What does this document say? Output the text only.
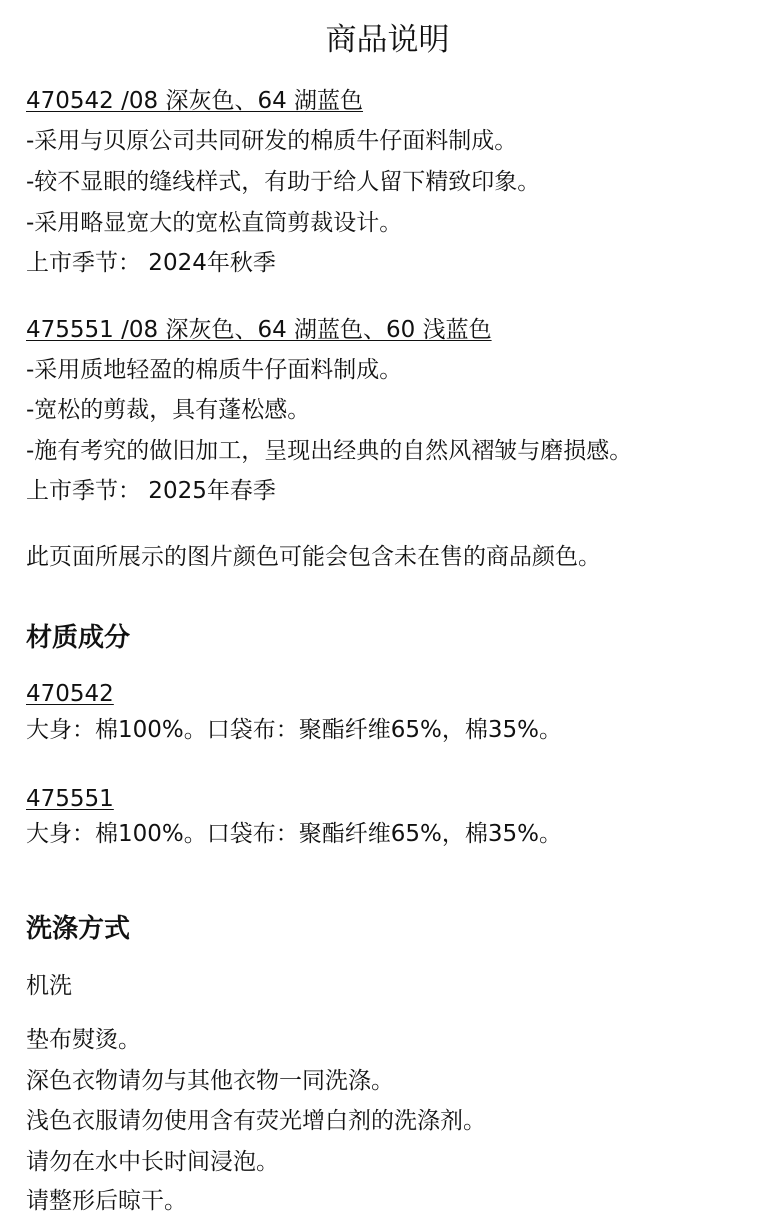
商品说明
470542 /08 深灰色、64 湖蓝色
-采用与贝原公司共同研发的棉质牛仔面料制成。
-较不显眼的缝线样式，有助于给人留下精致印象。
-采用略显宽大的宽松直筒剪裁设计。
上市季节： 2024年秋季
475551 /08 深灰色、64 湖蓝色、60 浅蓝色
-采用质地轻盈的棉质牛仔面料制成。
-宽松的剪裁，具有蓬松感。
-施有考究的做旧加工，呈现出经典的自然风褶皱与磨损感。
上市季节： 2025年春季
此页面所展示的图片颜色可能会包含未在售的商品颜色。
材质成分
470542
大身：棉100%。口袋布：聚酯纤维65%，棉35%。
475551
大身：棉100%。口袋布：聚酯纤维65%，棉35%。
洗涤方式
机洗
垫布熨烫。
深色衣物请勿与其他衣物一同洗涤。
浅色衣服请勿使用含有荧光增白剂的洗涤剂。
请勿在水中长时间浸泡。
请整形后晾干。
